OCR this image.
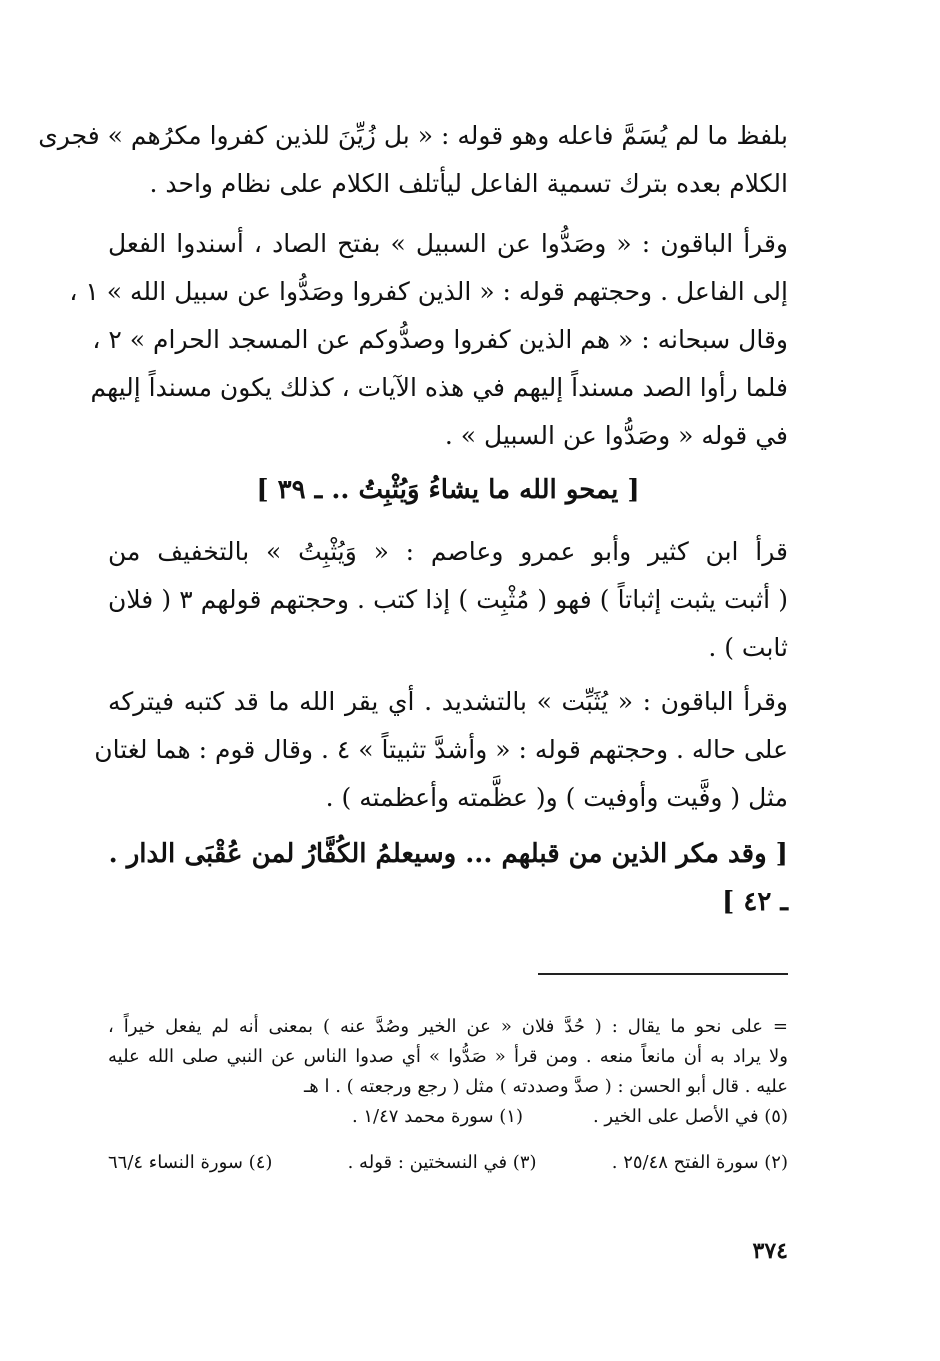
بلفظ ما لم يُسَمَّ فاعله وهو قوله : « بل زُيِّنَ للذين كفروا مكرُهم » فجرى
الكلام بعده بترك تسمية الفاعل ليأتلف الكلام على نظام واحد .
وقرأ الباقون : « وصَدُّوا عن السبيل » بفتح الصاد ، أسندوا الفعل
إلى الفاعل . وحجتهم قوله : « الذين كفروا وصَدُّوا عن سبيل الله » ١ ،
وقال سبحانه : « هم الذين كفروا وصدُّوكم عن المسجد الحرام » ٢ ،
فلما رأوا الصد مسنداً إليهم في هذه الآيات ، كذلك يكون مسنداً إليهم
في قوله « وصَدُّوا عن السبيل » .
[ يمحو الله ما يشاءُ وَيُثْبِتُ .. ـ ٣٩ ]
قرأ ابن كثير وأبو عمرو وعاصم : « وَيُثْبِتُ » بالتخفيف من
( أثبت يثبت إثباتاً ) فهو ( مُثْبِت ) إذا كتب . وحجتهم قولهم ٣ ( فلان
ثابت ) .
وقرأ الباقون : « يُثَبِّت » بالتشديد . أي يقر الله ما قد كتبه فيتركه
على حاله . وحجتهم قوله : « وأشدَّ تثبيتاً » ٤ . وقال قوم : هما لغتان
مثل ( وفَّيت وأوفيت ) و( عظَّمته وأعظمته ) .
[ وقد مكر الذين من قبلهم ... وسيعلمُ الكُفَّارُ لمن عُقْبَى الدار .
ـ ٤٢ ]
= على نحو ما يقال : ( حُدَّ فلان « عن الخير وصُدَّ عنه ) بمعنى أنه لم يفعل خيراً ،
ولا يراد به أن مانعاً منعه . ومن قرأ « صَدُّوا » أي صدوا الناس عن النبي صلى الله عليه
عليه . قال أبو الحسن : ( صدَّ وصددته ) مثل ( رجع ورجعته ) . ا هـ
(٥) في الأصل على الخير .
(١) سورة محمد ١/٤٧ .
(٢) سورة الفتح ٢٥/٤٨ .
(٣) في النسختين : قوله .
(٤) سورة النساء ٦٦/٤
٣٧٤
